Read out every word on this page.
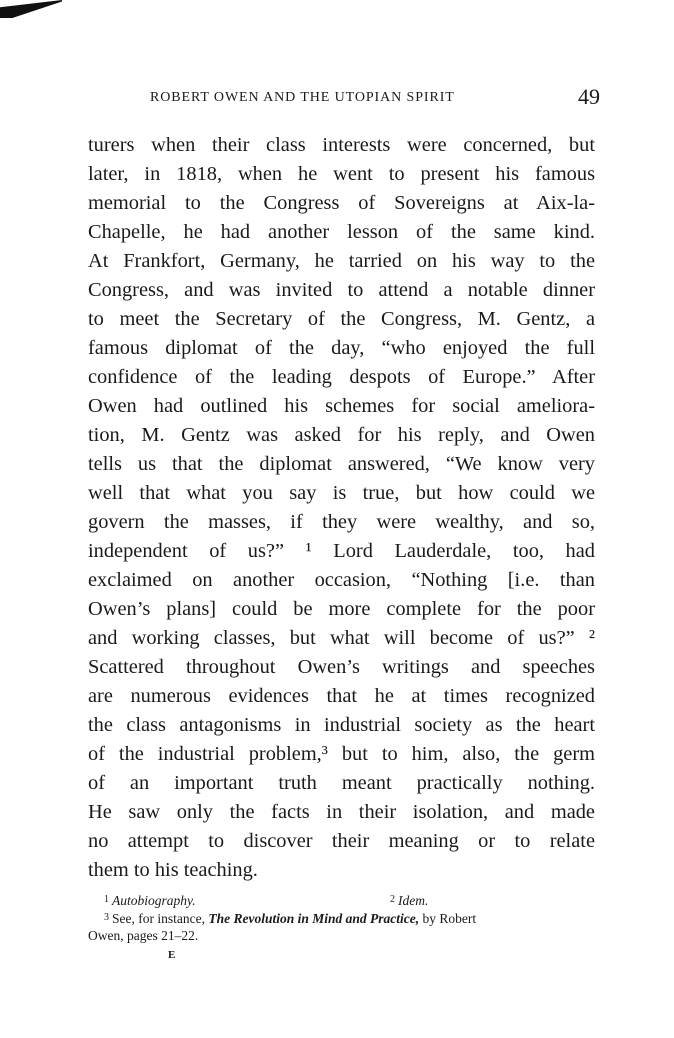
ROBERT OWEN AND THE UTOPIAN SPIRIT	49
turers when their class interests were concerned, but
later, in 1818, when he went to present his famous
memorial to the Congress of Sovereigns at Aix-la-
Chapelle, he had another lesson of the same kind.
At Frankfort, Germany, he tarried on his way to the
Congress, and was invited to attend a notable dinner
to meet the Secretary of the Congress, M. Gentz, a
famous diplomat of the day, “who enjoyed the full
confidence of the leading despots of Europe.” After
Owen had outlined his schemes for social ameliora-
tion, M. Gentz was asked for his reply, and Owen
tells us that the diplomat answered, “We know very
well that what you say is true, but how could we
govern the masses, if they were wealthy, and so,
independent of us?” ¹ Lord Lauderdale, too, had
exclaimed on another occasion, “Nothing [i.e. than
Owen’s plans] could be more complete for the poor
and working classes, but what will become of us?” ²
Scattered throughout Owen’s writings and speeches
are numerous evidences that he at times recognized
the class antagonisms in industrial society as the heart
of the industrial problem,³ but to him, also, the germ
of an important truth meant practically nothing.
He saw only the facts in their isolation, and made
no attempt to discover their meaning or to relate
them to his teaching.
$^1$ Autobiography.	$^2$ Idem.
$^3$ See, for instance, The Revolution in Mind and Practice, by Robert
Owen, pages 21–22.
E
